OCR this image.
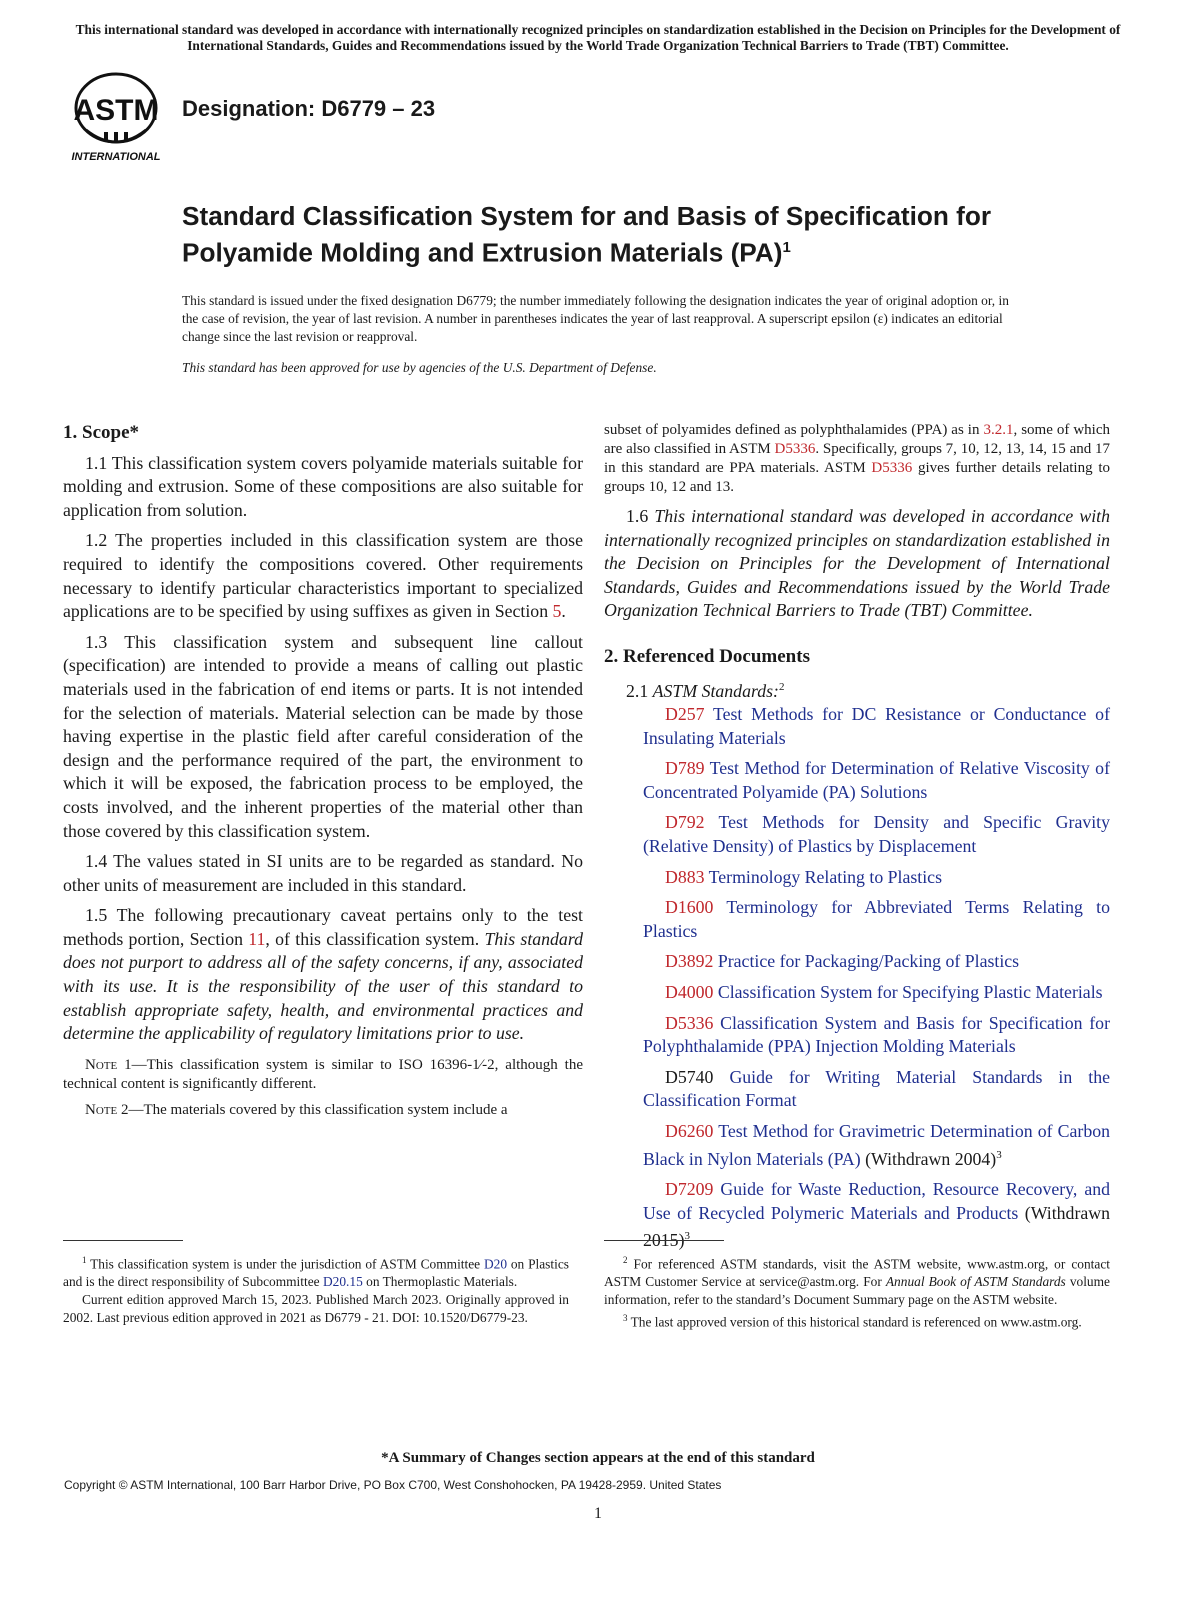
This international standard was developed in accordance with internationally recognized principles on standardization established in the Decision on Principles for the Development of International Standards, Guides and Recommendations issued by the World Trade Organization Technical Barriers to Trade (TBT) Committee.
ASTM
INTERNATIONAL
Designation: D6779 – 23
Standard Classification System for and Basis of Specification for Polyamide Molding and Extrusion Materials (PA)$^1$
This standard is issued under the fixed designation D6779; the number immediately following the designation indicates the year of original adoption or, in the case of revision, the year of last revision. A number in parentheses indicates the year of last reapproval. A superscript epsilon (ε) indicates an editorial change since the last revision or reapproval.
This standard has been approved for use by agencies of the U.S. Department of Defense.

1. Scope*

1.1 This classification system covers polyamide materials suitable for molding and extrusion. Some of these compositions are also suitable for application from solution.

1.2 The properties included in this classification system are those required to identify the compositions covered. Other requirements necessary to identify particular characteristics important to specialized applications are to be specified by using suffixes as given in Section 5.

1.3 This classification system and subsequent line callout (specification) are intended to provide a means of calling out plastic materials used in the fabrication of end items or parts. It is not intended for the selection of materials. Material selection can be made by those having expertise in the plastic field after careful consideration of the design and the performance required of the part, the environment to which it will be exposed, the fabrication process to be employed, the costs involved, and the inherent properties of the material other than those covered by this classification system.

1.4 The values stated in SI units are to be regarded as standard. No other units of measurement are included in this standard.

1.5 The following precautionary caveat pertains only to the test methods portion, Section 11, of this classification system. This standard does not purport to address all of the safety concerns, if any, associated with its use. It is the responsibility of the user of this standard to establish appropriate safety, health, and environmental practices and determine the applicability of regulatory limitations prior to use.

Note 1—This classification system is similar to ISO 16396-1⁄-2, although the technical content is significantly different.

Note 2—The materials covered by this classification system include a

subset of polyamides defined as polyphthalamides (PPA) as in 3.2.1, some of which are also classified in ASTM D5336. Specifically, groups 7, 10, 12, 13, 14, 15 and 17 in this standard are PPA materials. ASTM D5336 gives further details relating to groups 10, 12 and 13.

1.6 This international standard was developed in accordance with internationally recognized principles on standardization established in the Decision on Principles for the Development of International Standards, Guides and Recommendations issued by the World Trade Organization Technical Barriers to Trade (TBT) Committee.

2. Referenced Documents

2.1 ASTM Standards:$^2$

D257 Test Methods for DC Resistance or Conductance of Insulating Materials

D789 Test Method for Determination of Relative Viscosity of Concentrated Polyamide (PA) Solutions

D792 Test Methods for Density and Specific Gravity (Relative Density) of Plastics by Displacement

D883 Terminology Relating to Plastics

D1600 Terminology for Abbreviated Terms Relating to Plastics

D3892 Practice for Packaging/Packing of Plastics

D4000 Classification System for Specifying Plastic Materials

D5336 Classification System and Basis for Specification for Polyphthalamide (PPA) Injection Molding Materials

D5740 Guide for Writing Material Standards in the Classification Format

D6260 Test Method for Gravimetric Determination of Carbon Black in Nylon Materials (PA) (Withdrawn 2004)$^3$

D7209 Guide for Waste Reduction, Resource Recovery, and Use of Recycled Polymeric Materials and Products (Withdrawn 2015)$^3$

$^1$ This classification system is under the jurisdiction of ASTM Committee D20 on Plastics and is the direct responsibility of Subcommittee D20.15 on Thermoplastic Materials.

Current edition approved March 15, 2023. Published March 2023. Originally approved in 2002. Last previous edition approved in 2021 as D6779 - 21. DOI: 10.1520/D6779-23.

$^2$ For referenced ASTM standards, visit the ASTM website, www.astm.org, or contact ASTM Customer Service at service@astm.org. For Annual Book of ASTM Standards volume information, refer to the standard’s Document Summary page on the ASTM website.

$^3$ The last approved version of this historical standard is referenced on www.astm.org.

*A Summary of Changes section appears at the end of this standard
Copyright © ASTM International, 100 Barr Harbor Drive, PO Box C700, West Conshohocken, PA 19428-2959. United States
1
